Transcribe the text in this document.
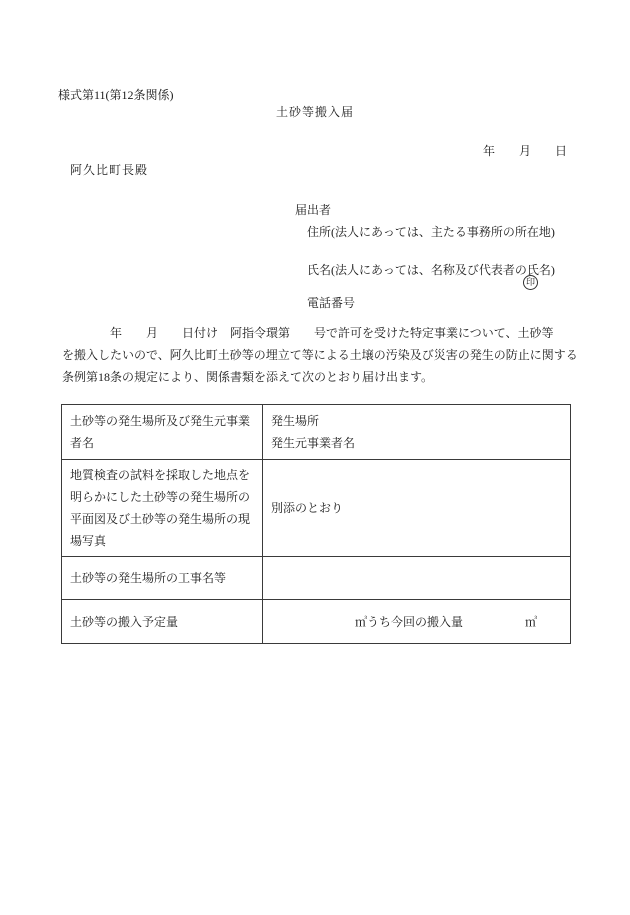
様式第11(第12条関係)
土砂等搬入届
年　　月　　日
阿久比町長殿
届出者
住所(法人にあっては、主たる事務所の所在地)
氏名(法人にあっては、名称及び代表者の氏名)
印
電話番号
　　　　年　　月　　日付け　阿指令環第　　号で許可を受けた特定事業について、土砂等
を搬入したいので、阿久比町土砂等の埋立て等による土壌の汚染及び災害の発生の防止に関する
条例第18条の規定により、関係書類を添えて次のとおり届け出ます。
土砂等の発生場所及び発生元事業者名	発生場所
発生元事業者名

地質検査の試料を採取した地点を明らかにした土砂等の発生場所の平面図及び土砂等の発生場所の現場写真	別添のとおり

土砂等の発生場所の工事名等	

土砂等の搬入予定量	㎥ うち今回の搬入量 ㎥
